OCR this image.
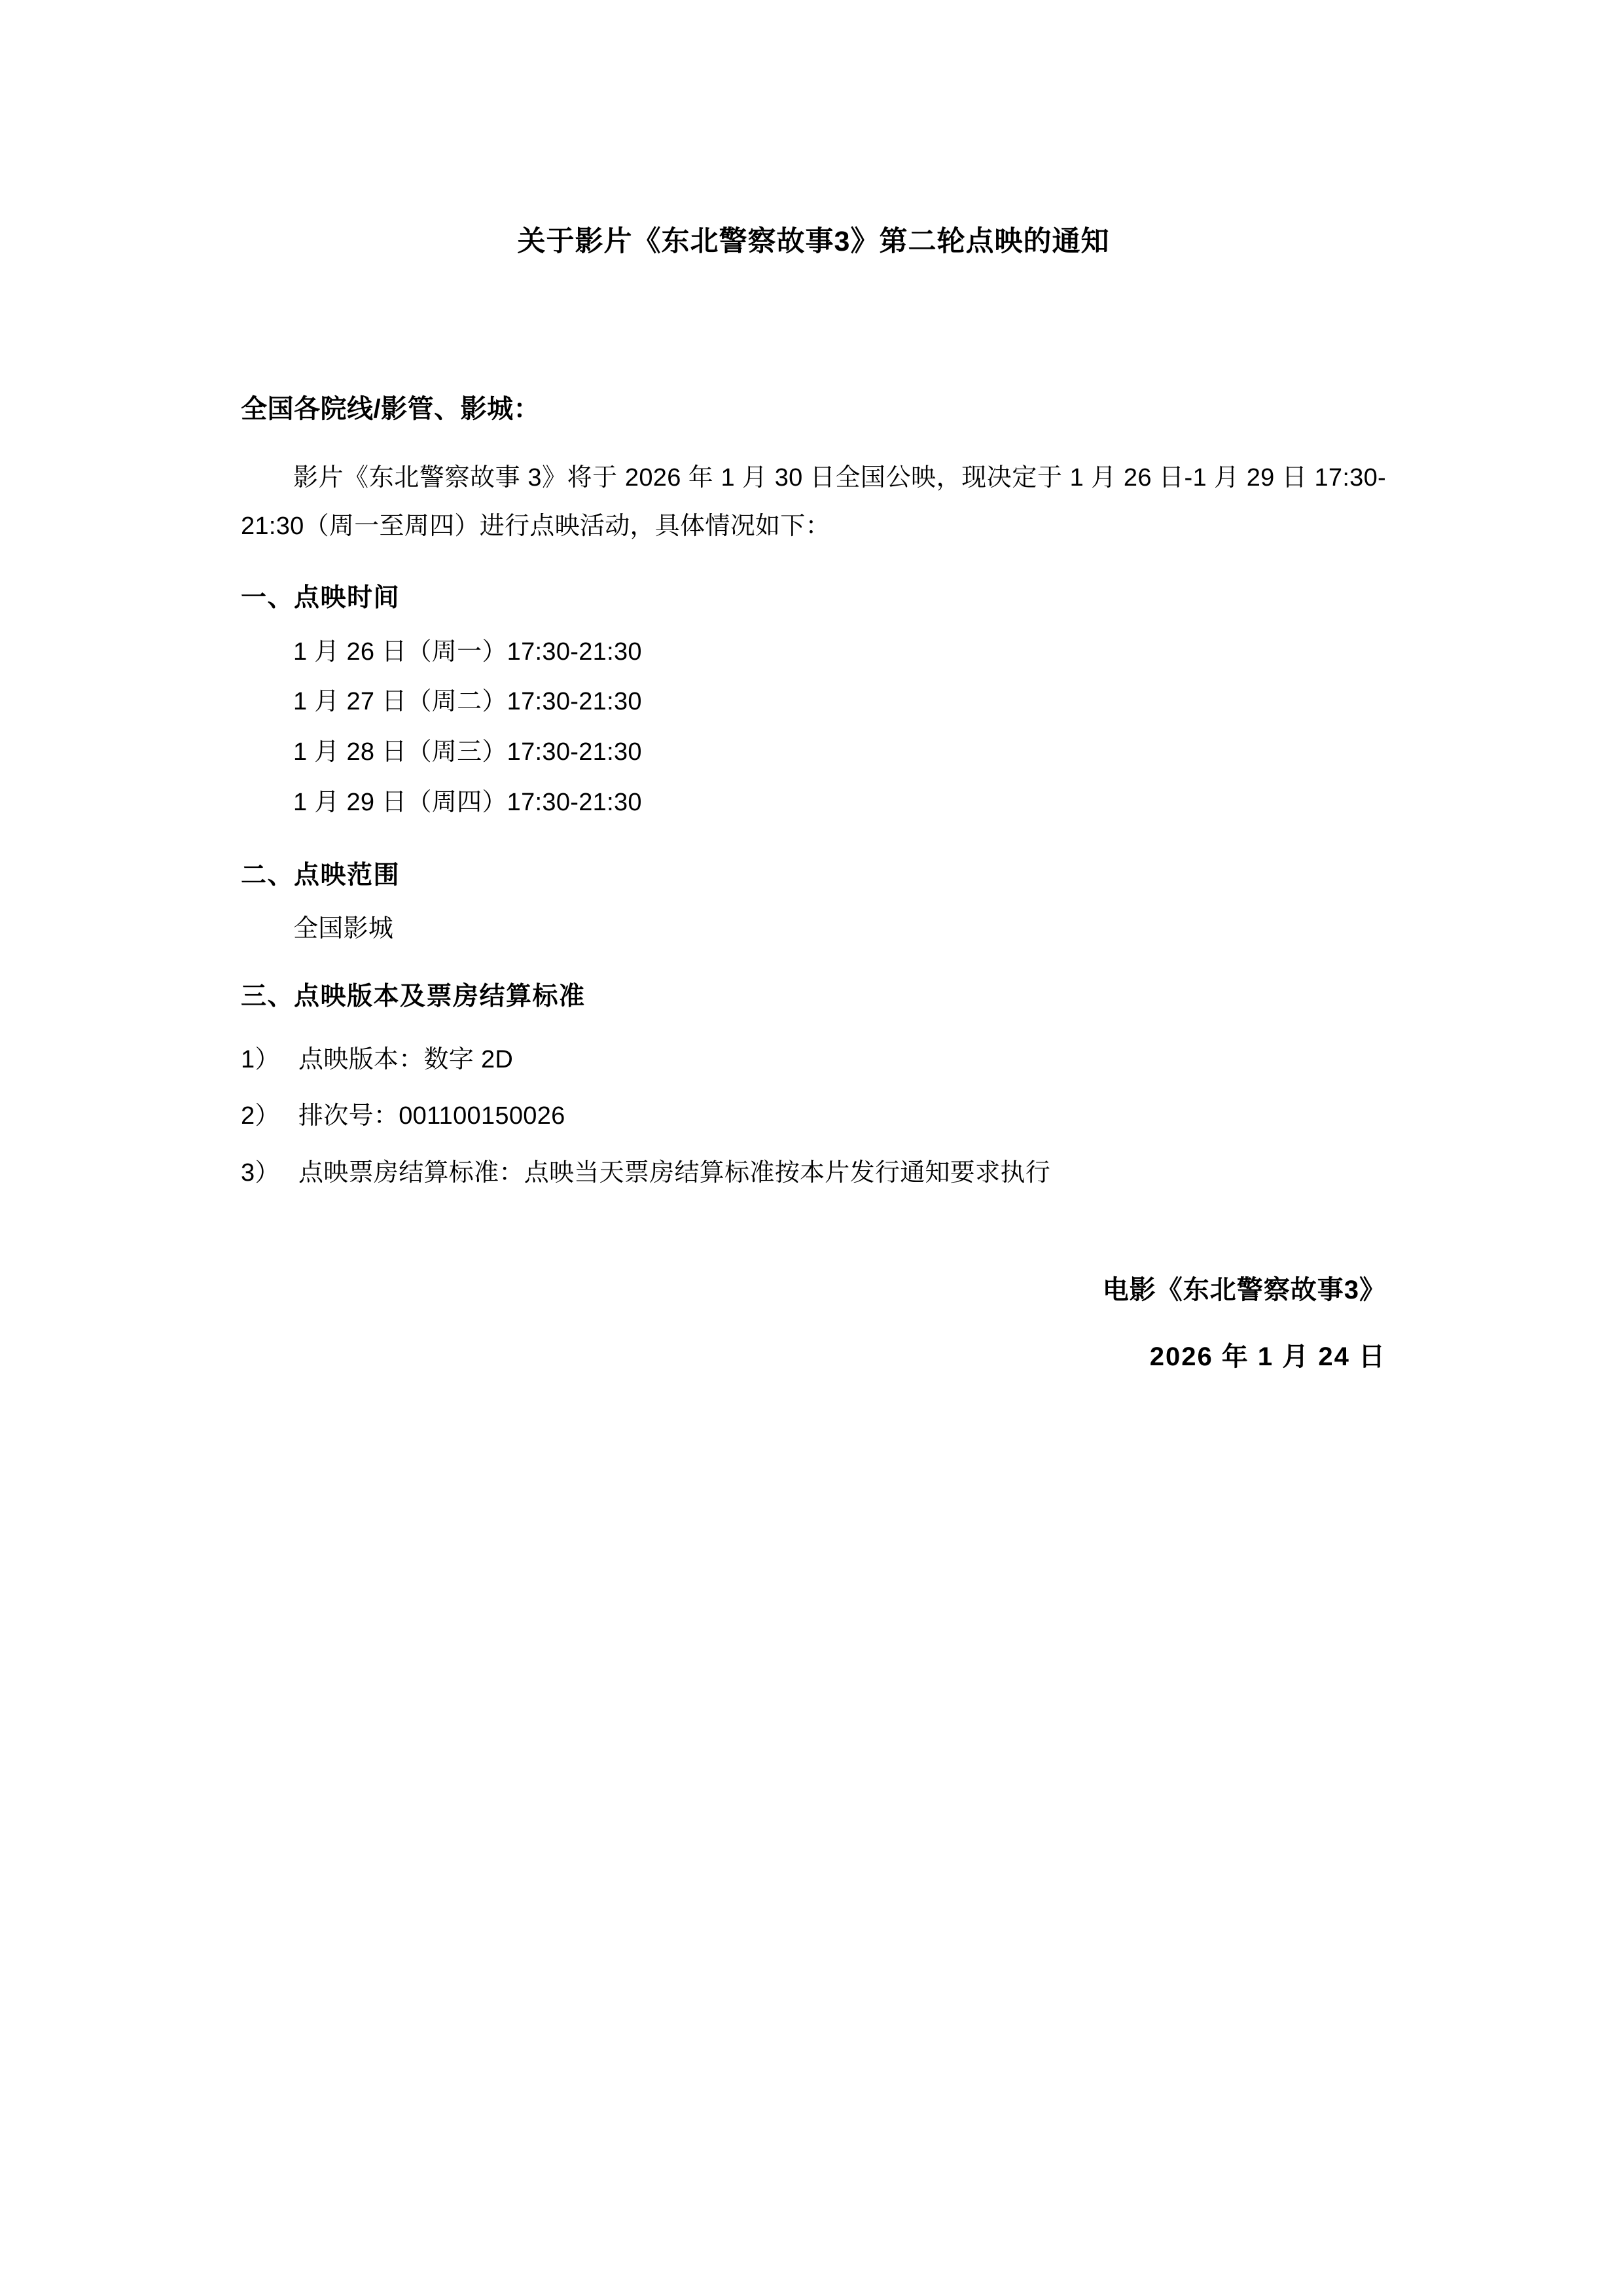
关于影片《东北警察故事3》第二轮点映的通知
全国各院线/影管、影城：
影片《东北警察故事 3》将于 2026 年 1 月 30 日全国公映，现决定于 1 月 26 日-1 月 29 日 17:30-21:30（周一至周四）进行点映活动，具体情况如下：
一、点映时间
1 月 26 日（周一）17:30-21:30
1 月 27 日（周二）17:30-21:30
1 月 28 日（周三）17:30-21:30
1 月 29 日（周四）17:30-21:30
二、点映范围
全国影城
三、点映版本及票房结算标准
1） 点映版本：数字 2D
2） 排次号：001100150026
3） 点映票房结算标准：点映当天票房结算标准按本片发行通知要求执行
电影《东北警察故事3》
2026 年 1 月 24 日
